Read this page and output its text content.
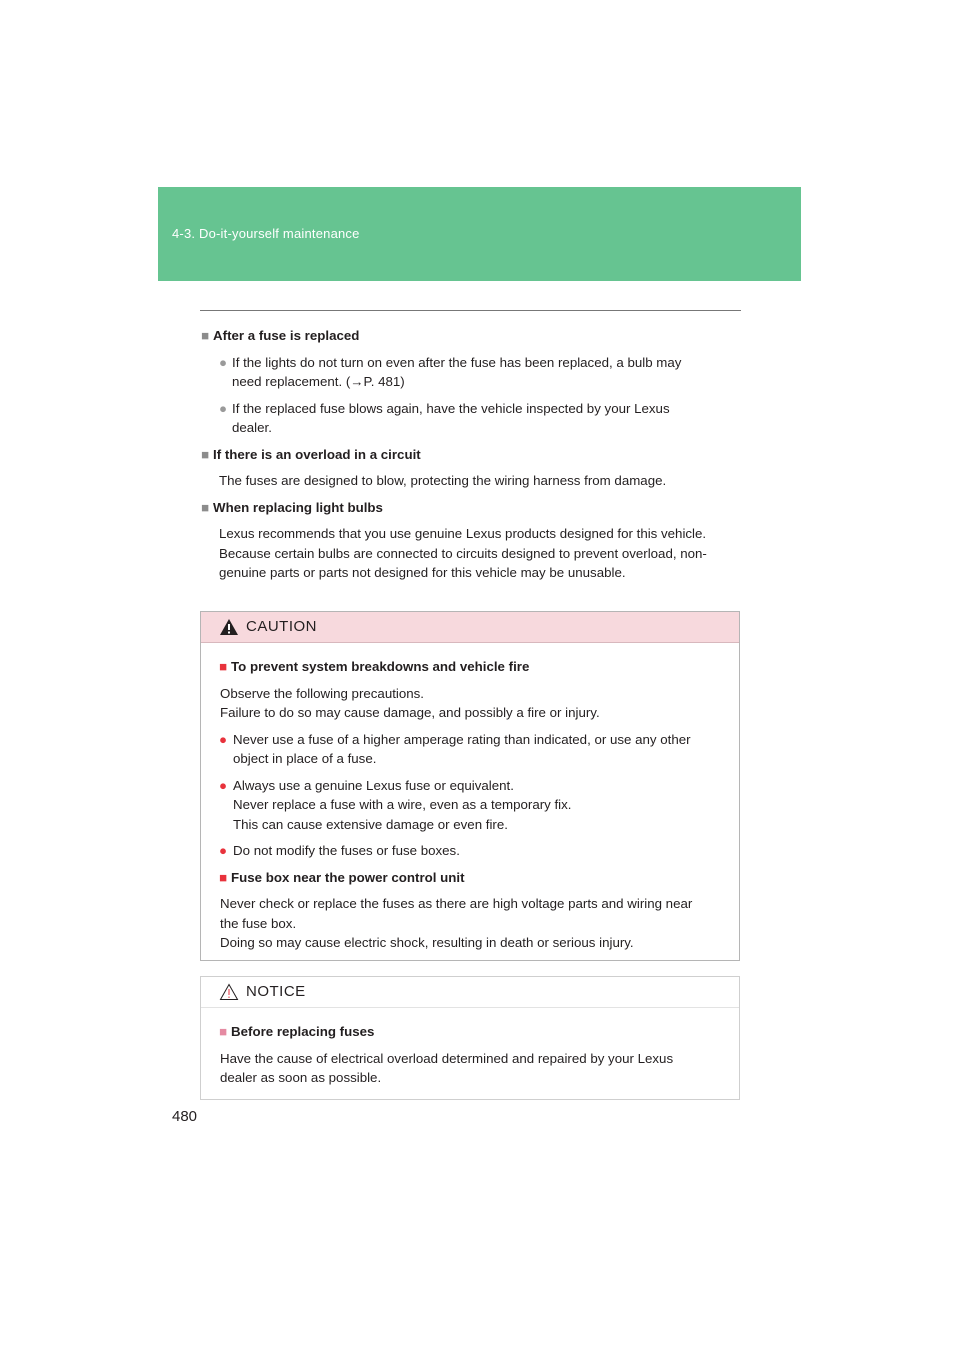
4-3. Do-it-yourself maintenance
480
■ After a fuse is replaced
● If the lights do not turn on even after the fuse has been replaced, a bulb may
need replacement. (→P. 481)
● If the replaced fuse blows again, have the vehicle inspected by your Lexus
dealer.
■ If there is an overload in a circuit
The fuses are designed to blow, protecting the wiring harness from damage.
■ When replacing light bulbs
Lexus recommends that you use genuine Lexus products designed for this vehicle.
Because certain bulbs are connected to circuits designed to prevent overload, non-
genuine parts or parts not designed for this vehicle may be unusable.
CAUTION
■ To prevent system breakdowns and vehicle fire
Observe the following precautions.
Failure to do so may cause damage, and possibly a fire or injury.
● Never use a fuse of a higher amperage rating than indicated, or use any other
object in place of a fuse.
● Always use a genuine Lexus fuse or equivalent.
Never replace a fuse with a wire, even as a temporary fix.
This can cause extensive damage or even fire.
● Do not modify the fuses or fuse boxes.
■ Fuse box near the power control unit
Never check or replace the fuses as there are high voltage parts and wiring near
the fuse box.
Doing so may cause electric shock, resulting in death or serious injury.
NOTICE
■ Before replacing fuses
Have the cause of electrical overload determined and repaired by your Lexus
dealer as soon as possible.
